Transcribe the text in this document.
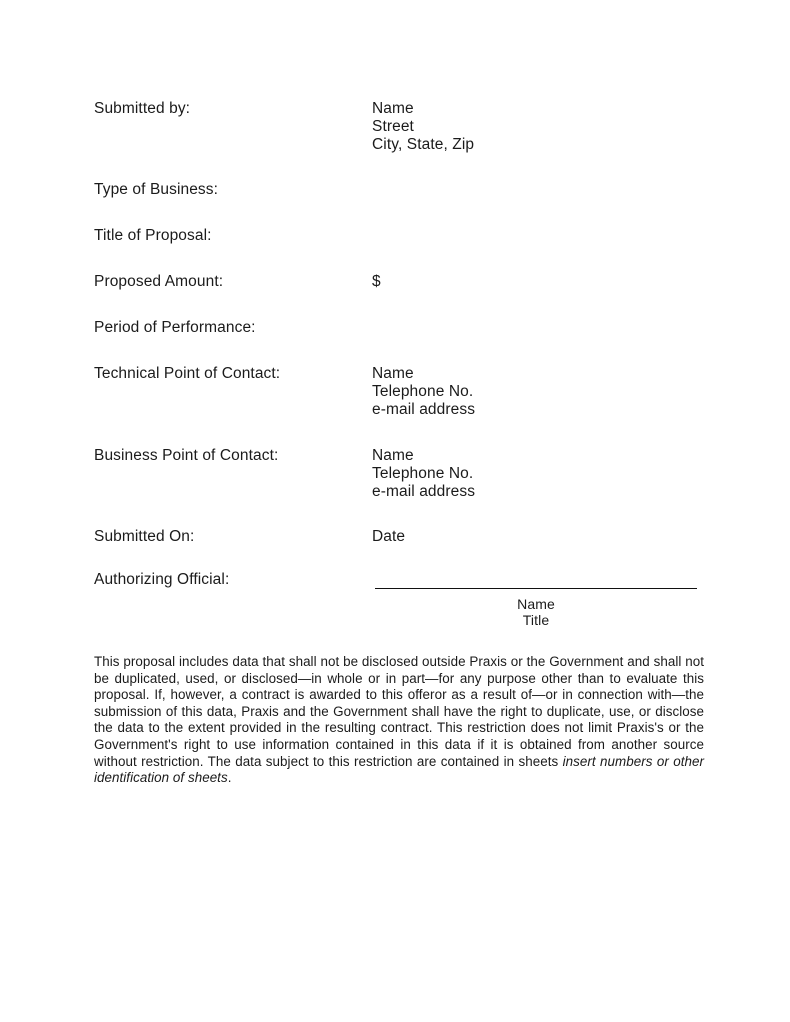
Submitted by:	Name
Street
City, State, Zip
Type of Business:
Title of Proposal:
Proposed Amount:	$
Period of Performance:
Technical Point of Contact:	Name
Telephone No.
e-mail address
Business Point of Contact:	Name
Telephone No.
e-mail address
Submitted On:	Date
Authorizing Official:
Name
Title

This proposal includes data that shall not be disclosed outside Praxis or the Government and shall not be duplicated, used, or disclosed—in whole or in part—for any purpose other than to evaluate this proposal. If, however, a contract is awarded to this offeror as a result of—or in connection with—the submission of this data, Praxis and the Government shall have the right to duplicate, use, or disclose the data to the extent provided in the resulting contract. This restriction does not limit Praxis's or the Government's right to use information contained in this data if it is obtained from another source without restriction. The data subject to this restriction are contained in sheets insert numbers or other identification of sheets.
